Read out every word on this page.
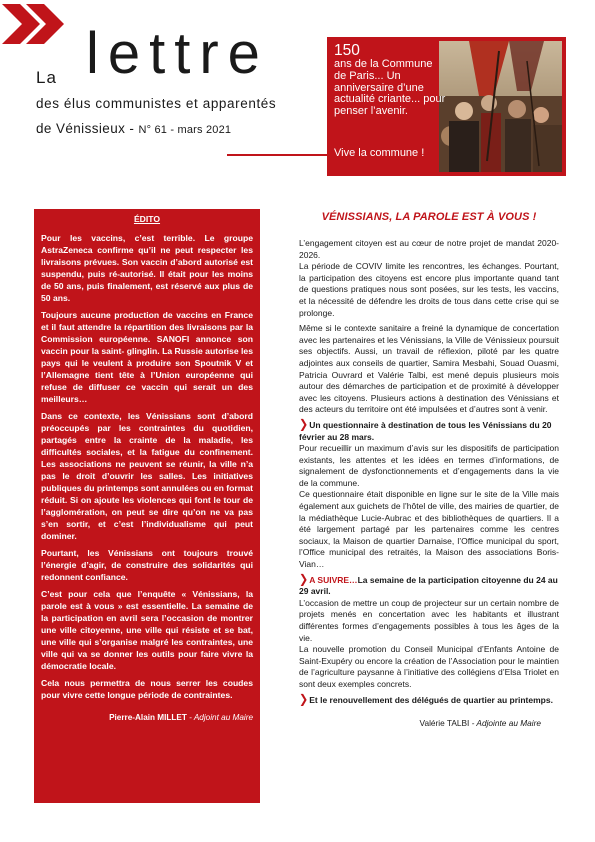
La lettre
des élus communistes et apparentés
de Vénissieux - N° 61 - mars 2021
150
ans de la Commune de Paris... Un anniversaire d’une actualité criante... pour penser l’avenir.
Vive la commune !
ÉDITO

Pour les vaccins, c’est terrible. Le groupe AstraZeneca confirme qu’il ne peut respecter les livraisons prévues. Son vaccin d’abord autorisé est suspendu, puis ré-autorisé. Il était pour les moins de 50 ans, puis finalement, est réservé aux plus de 50 ans.

Toujours aucune production de vaccins en France et il faut attendre la répartition des livraisons par la Commission européenne. SANOFI annonce son vaccin pour la saint- glinglin. La Russie autorise les pays qui le veulent à produire son Spoutnik V et l’Allemagne tient tête à l’Union européenne qui refuse de diffuser ce vaccin qui serait un des meilleurs…

Dans ce contexte, les Vénissians sont d’abord préoccupés par les contraintes du quotidien, partagés entre la crainte de la maladie, les difficultés sociales, et la fatigue du confinement. Les associations ne peuvent se réunir, la ville n’a pas le droit d’ouvrir les salles. Les initiatives publiques du printemps sont annulées ou en format réduit. Si on ajoute les violences qui font le tour de l’agglomération, on peut se dire qu’on ne va pas s’en sortir, et c’est l’individualisme qui peut dominer.

Pourtant, les Vénissians ont toujours trouvé l’énergie d’agir, de construire des solidarités qui redonnent confiance.

C’est pour cela que l’enquête « Vénissians, la parole est à vous » est essentielle. La semaine de la participation en avril sera l’occasion de montrer une ville citoyenne, une ville qui résiste et se bat, une ville qui s’organise malgré les contraintes, une ville qui va se donner les outils pour faire vivre la démocratie locale.

Cela nous permettra de nous serrer les coudes pour vivre cette longue période de contraintes.

Pierre-Alain MILLET - Adjoint au Maire
VÉNISSIANS, LA PAROLE EST À VOUS !

L’engagement citoyen est au cœur de notre projet de mandat 2020-2026.

La période de COVIV limite les rencontres, les échanges. Pourtant, la participation des citoyens est encore plus importante quand tant de questions pratiques nous sont posées, sur les tests, les vaccins, et la nécessité de défendre les droits de tous dans cette crise qui se prolonge.

Même si le contexte sanitaire a freiné la dynamique de concertation avec les partenaires et les Vénissians, la Ville de Vénissieux poursuit ses objectifs. Aussi, un travail de réflexion, piloté par les quatre adjointes aux conseils de quartier, Samira Mesbahi, Souad Ouasmi, Patricia Ouvrard et Valérie Talbi, est mené depuis plusieurs mois autour des démarches de participation et de proximité à développer avec les citoyens. Plusieurs actions à destination des Vénissians et des acteurs du territoire ont été impulsées et d’autres sont à venir.

❯Un questionnaire à destination de tous les Vénissians du 20 février au 28 mars.

Pour recueillir un maximum d’avis sur les dispositifs de participation existants, les attentes et les idées en termes d’informations, de signalement de dysfonctionnements et d’engagements dans la vie de la commune.

Ce questionnaire était disponible en ligne sur le site de la Ville mais également aux guichets de l’hôtel de ville, des mairies de quartier, de la médiathèque Lucie-Aubrac et des bibliothèques de quartiers. Il a été largement partagé par les partenaires comme les centres sociaux, la Maison de quartier Darnaise, l’Office municipal du sport, l’Office municipal des retraités, la Maison des associations Boris-Vian…

❯A SUIVRE…La semaine de la participation citoyenne du 24 au 29 avril.

L’occasion de mettre un coup de projecteur sur un certain nombre de projets menés en concertation avec les habitants et illustrant différentes formes d’engagements possibles à tous les âges de la vie.

La nouvelle promotion du Conseil Municipal d’Enfants Antoine de Saint-Exupéry ou encore la création de l’Association pour le maintien de l’agriculture paysanne à l’initiative des collégiens d’Elsa Triolet en sont deux exemples concrets.

❯Et le renouvellement des délégués de quartier au printemps.
Valérie TALBI - Adjointe au Maire
